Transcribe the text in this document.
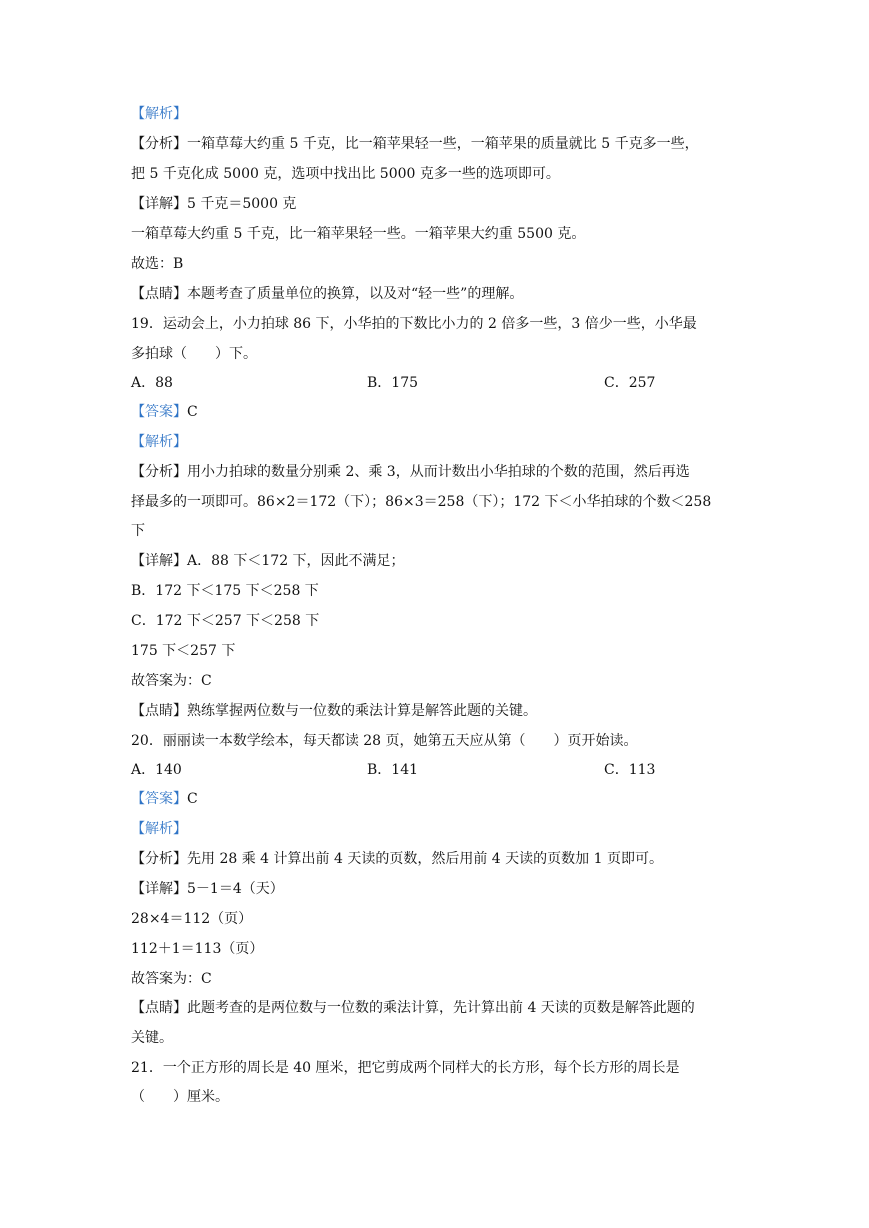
【解析】
【分析】一箱草莓大约重 5 千克，比一箱苹果轻一些，一箱苹果的质量就比 5 千克多一些，
把 5 千克化成 5000 克，选项中找出比 5000 克多一些的选项即可。
【详解】5 千克＝5000 克
一箱草莓大约重 5 千克，比一箱苹果轻一些。一箱苹果大约重 5500 克。
故选：B
【点睛】本题考查了质量单位的换算，以及对“轻一些”的理解。
19．运动会上，小力拍球 86 下，小华拍的下数比小力的 2 倍多一些，3 倍少一些，小华最
多拍球（　　）下。
A．88	B．175	C．257
【答案】C
【解析】
【分析】用小力拍球的数量分别乘 2、乘 3，从而计数出小华拍球的个数的范围，然后再选
择最多的一项即可。86×2＝172（下）；86×3＝258（下）；172 下＜小华拍球的个数＜258
下
【详解】A．88 下＜172 下，因此不满足；
B．172 下＜175 下＜258 下
C．172 下＜257 下＜258 下
175 下＜257 下
故答案为：C
【点睛】熟练掌握两位数与一位数的乘法计算是解答此题的关键。
20．丽丽读一本数学绘本，每天都读 28 页，她第五天应从第（　　）页开始读。
A．140	B．141	C．113
【答案】C
【解析】
【分析】先用 28 乘 4 计算出前 4 天读的页数，然后用前 4 天读的页数加 1 页即可。
【详解】5－1＝4（天）
28×4＝112（页）
112＋1＝113（页）
故答案为：C
【点睛】此题考查的是两位数与一位数的乘法计算，先计算出前 4 天读的页数是解答此题的
关键。
21．一个正方形的周长是 40 厘米，把它剪成两个同样大的长方形，每个长方形的周长是
（　　）厘米。
